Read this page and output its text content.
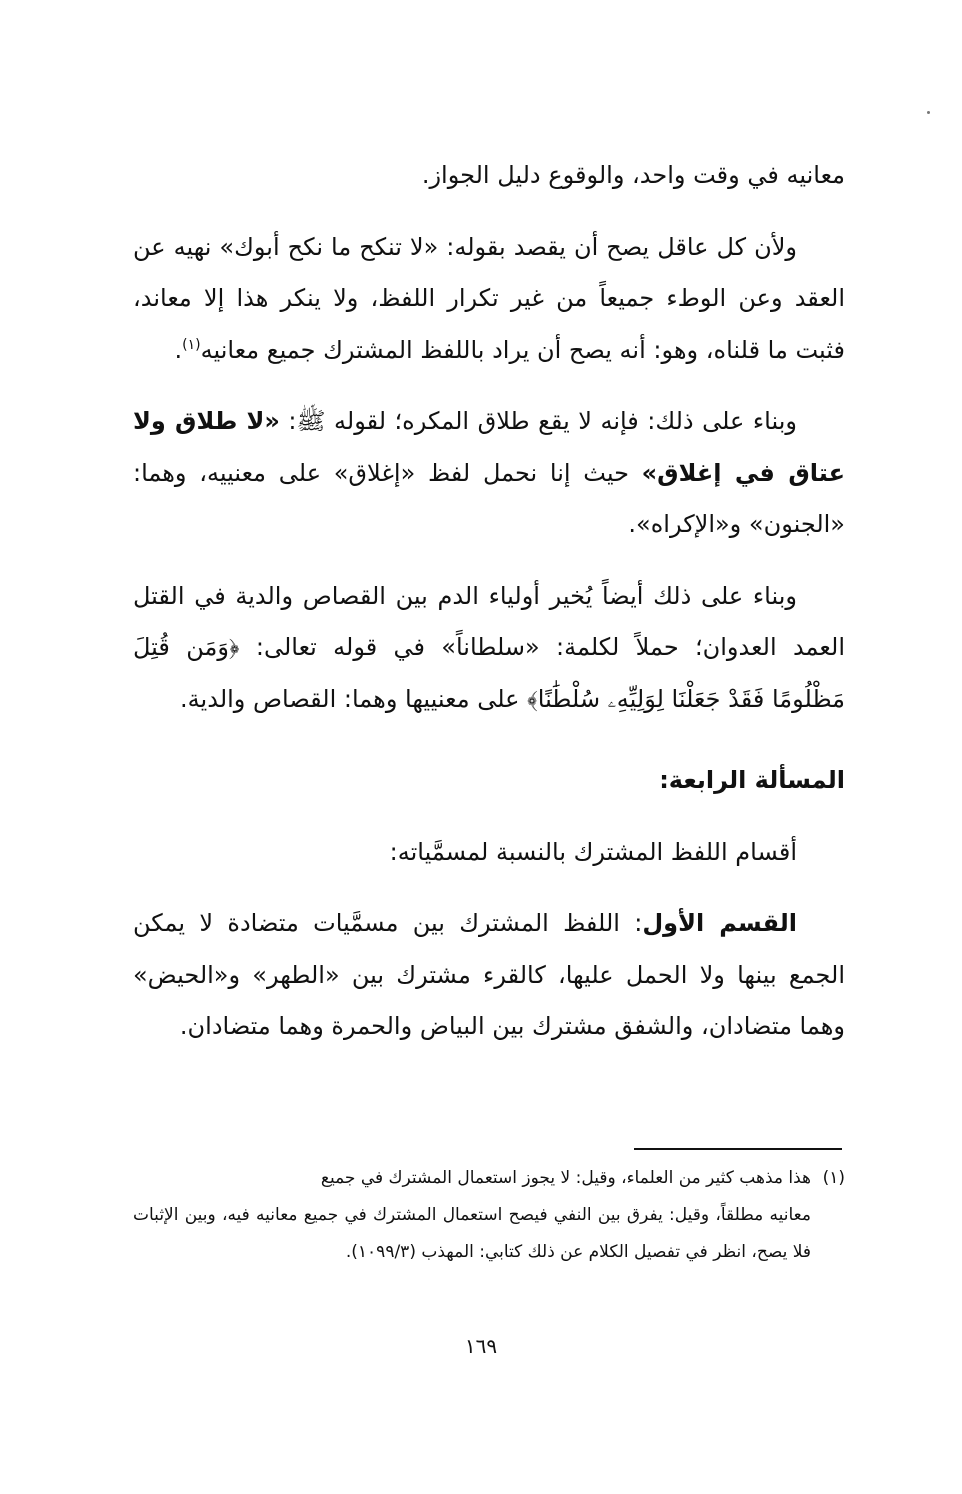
معانيه في وقت واحد، والوقوع دليل الجواز.

ولأن كل عاقل يصح أن يقصد بقوله: «لا تنكح ما نكح أبوك» نهيه عن العقد وعن الوطء جميعاً من غير تكرار اللفظ، ولا ينكر هذا إلا معاند، فثبت ما قلناه، وهو: أنه يصح أن يراد باللفظ المشترك جميع معانيه$^{(١)}$.

وبناء على ذلك: فإنه لا يقع طلاق المكره؛ لقوله ﷺ: «لا طلاق ولا عتاق في إغلاق» حيث إنا نحمل لفظ «إغلاق» على معنييه، وهما: «الجنون» و«الإكراه».

وبناء على ذلك أيضاً يُخير أولياء الدم بين القصاص والدية في القتل العمد العدوان؛ حملاً لكلمة: «سلطاناً» في قوله تعالى: ﴿وَمَن قُتِلَ مَظْلُومًا فَقَدْ جَعَلْنَا لِوَلِيِّهِۦ سُلْطَٰنًا﴾ على معنييها وهما: القصاص والدية.

المسألة الرابعة:

أقسام اللفظ المشترك بالنسبة لمسمَّياته:

القسم الأول: اللفظ المشترك بين مسمَّيات متضادة لا يمكن الجمع بينها ولا الحمل عليها، كالقرء مشترك بين «الطهر» و«الحيض» وهما متضادان، والشفق مشترك بين البياض والحمرة وهما متضادان.

(١)هذا مذهب كثير من العلماء، وقيل: لا يجوز استعمال المشترك في جميع

معانيه مطلقاً، وقيل: يفرق بين النفي فيصح استعمال المشترك في جميع معانيه فيه، وبين الإثبات فلا يصح، انظر في تفصيل الكلام عن ذلك كتابي: المهذب (١٠٩٩/٣).

١٦٩
